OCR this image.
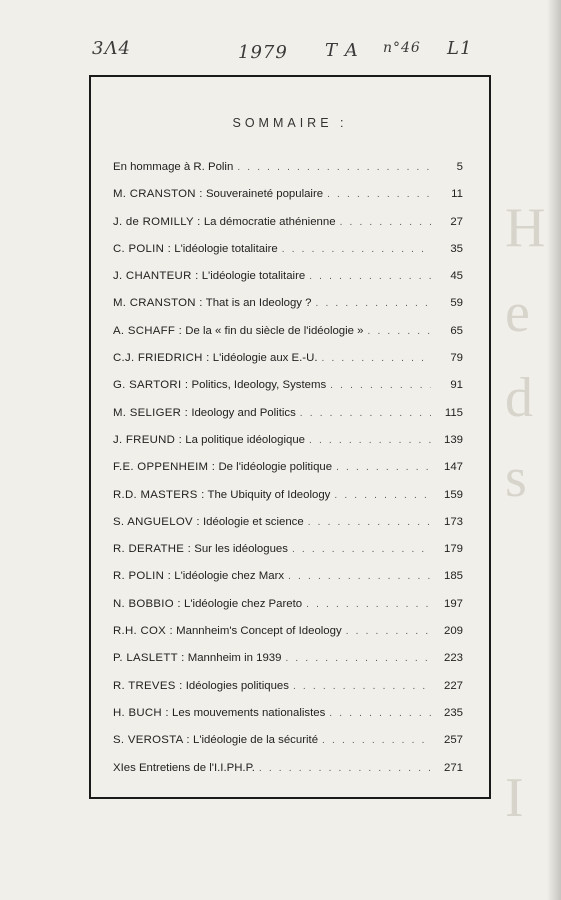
H
e
d
s
I
3Λ4	1979 T A n°46 L1
SOMMAIRE :
En hommage à R. Polin . . .	5
M. CRANSTON : Souveraineté populaire . . .	11
J. de ROMILLY : La démocratie athénienne . . .	27
C. POLIN : L'idéologie totalitaire . . .	35
J. CHANTEUR : L'idéologie totalitaire . . .	45
M. CRANSTON : That is an Ideology ? . . .	59
A. SCHAFF : De la « fin du siècle de l'idéologie » . . .	65
C.J. FRIEDRICH : L'idéologie aux E.-U. . . .	79
G. SARTORI : Politics, Ideology, Systems . . .	91
M. SELIGER : Ideology and Politics . . .	115
J. FREUND : La politique idéologique . . .	139
F.E. OPPENHEIM : De l'idéologie politique . . .	147
R.D. MASTERS : The Ubiquity of Ideology . . .	159
S. ANGUELOV : Idéologie et science . . .	173
R. DERATHE : Sur les idéologues . . .	179
R. POLIN : L'idéologie chez Marx . . .	185
N. BOBBIO : L'idéologie chez Pareto . . .	197
R.H. COX : Mannheim's Concept of Ideology . . .	209
P. LASLETT : Mannheim in 1939 . . .	223
R. TREVES : Idéologies politiques . . .	227
H. BUCH : Les mouvements nationalistes . . .	235
S. VEROSTA : L'idéologie de la sécurité . . .	257
XIes Entretiens de l'I.I.PH.P. . . .	271
